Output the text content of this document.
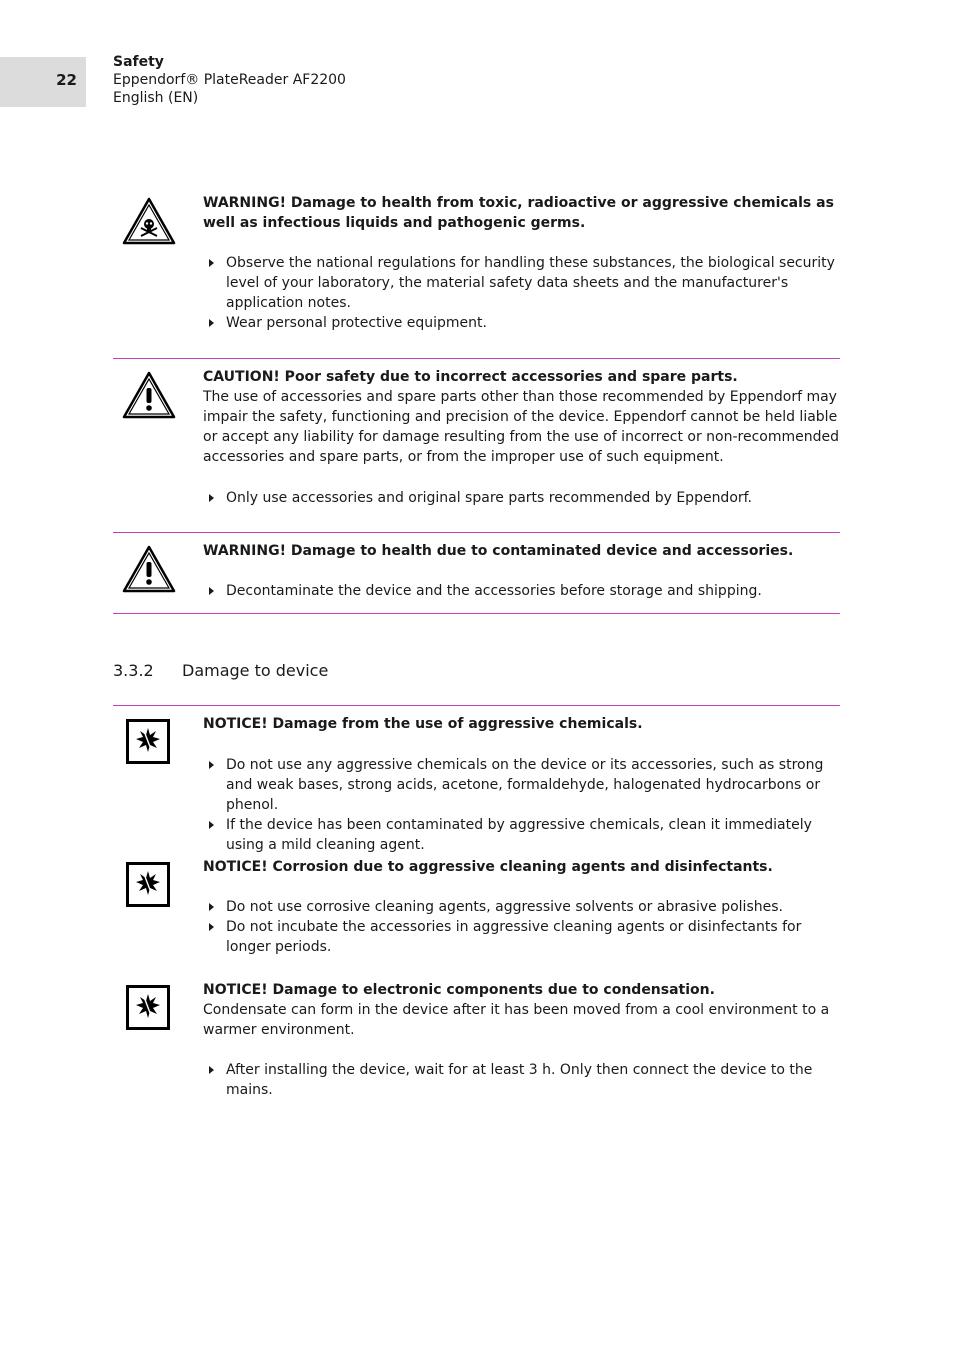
22
Safety
Eppendorf® PlateReader AF2200
English (EN)

WARNING! Damage to health from toxic, radioactive or aggressive chemicals as well as infectious liquids and pathogenic germs.

Observe the national regulations for handling these substances, the biological security level of your laboratory, the material safety data sheets and the manufacturer's application notes.
Wear personal protective equipment.

CAUTION! Poor safety due to incorrect accessories and spare parts.

The use of accessories and spare parts other than those recommended by Eppendorf may impair the safety, functioning and precision of the device. Eppendorf cannot be held liable or accept any liability for damage resulting from the use of incorrect or non-recommended accessories and spare parts, or from the improper use of such equipment.

Only use accessories and original spare parts recommended by Eppendorf.

WARNING! Damage to health due to contaminated device and accessories.

Decontaminate the device and the accessories before storage and shipping.
3.3.2 Damage to device

NOTICE! Damage from the use of aggressive chemicals.

Do not use any aggressive chemicals on the device or its accessories, such as strong and weak bases, strong acids, acetone, formaldehyde, halogenated hydrocarbons or phenol.
If the device has been contaminated by aggressive chemicals, clean it immediately using a mild cleaning agent.

NOTICE! Corrosion due to aggressive cleaning agents and disinfectants.

Do not use corrosive cleaning agents, aggressive solvents or abrasive polishes.
Do not incubate the accessories in aggressive cleaning agents or disinfectants for longer periods.

NOTICE! Damage to electronic components due to condensation.

Condensate can form in the device after it has been moved from a cool environment to a warmer environment.

After installing the device, wait for at least 3 h. Only then connect the device to the mains.
